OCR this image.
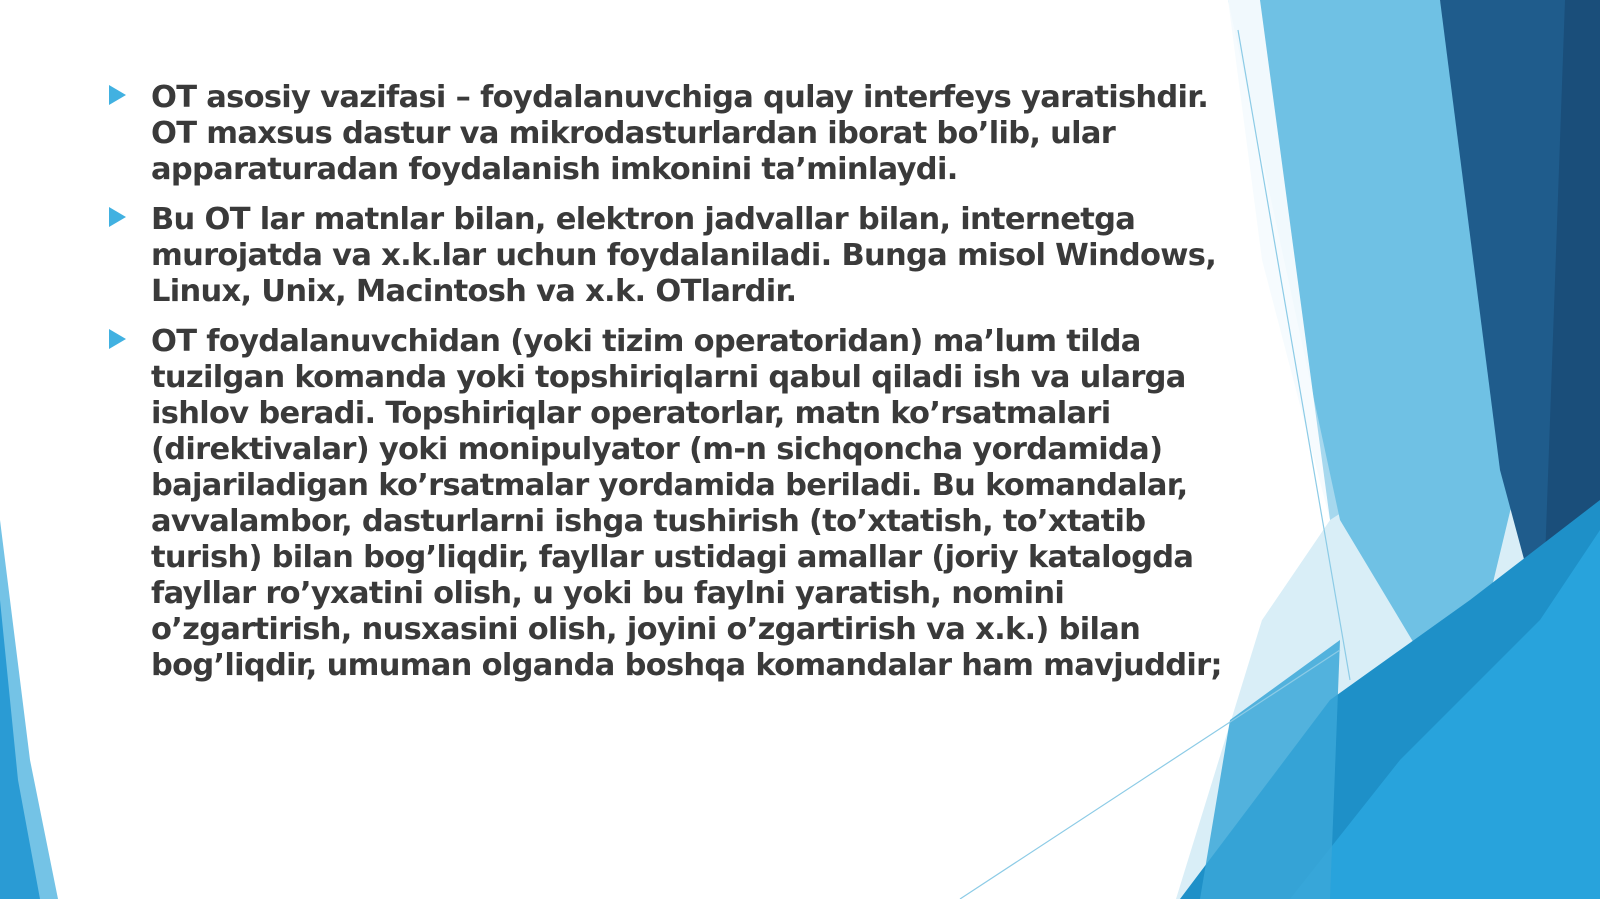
OT asosiy vazifasi – foydalanuvchiga qulay interfeys yaratishdir. OT maxsus dastur va mikrodasturlardan iborat bo’lib, ular apparaturadan foydalanish imkonini ta’minlaydi.

Bu OT lar matnlar bilan, elektron jadvallar bilan, internetga murojatda va x.k.lar uchun foydalaniladi. Bunga misol Windows, Linux, Unix, Macintosh va x.k. OTlardir.

OT foydalanuvchidan (yoki tizim operatoridan) ma’lum tilda tuzilgan komanda yoki topshiriqlarni qabul qiladi ish va ularga ishlov beradi. Topshiriqlar operatorlar, matn ko’rsatmalari (direktivalar) yoki monipulyator (m-n sichqoncha yordamida) bajariladigan ko’rsatmalar yordamida beriladi. Bu komandalar, avvalambor, dasturlarni ishga tushirish (to’xtatish, to’xtatib turish) bilan bog’liqdir, fayllar ustidagi amallar (joriy katalogda fayllar ro’yxatini olish, u yoki bu faylni yaratish, nomini o’zgartirish, nusxasini olish, joyini o’zgartirish va x.k.) bilan bog’liqdir, umuman olganda boshqa komandalar ham mavjuddir;
